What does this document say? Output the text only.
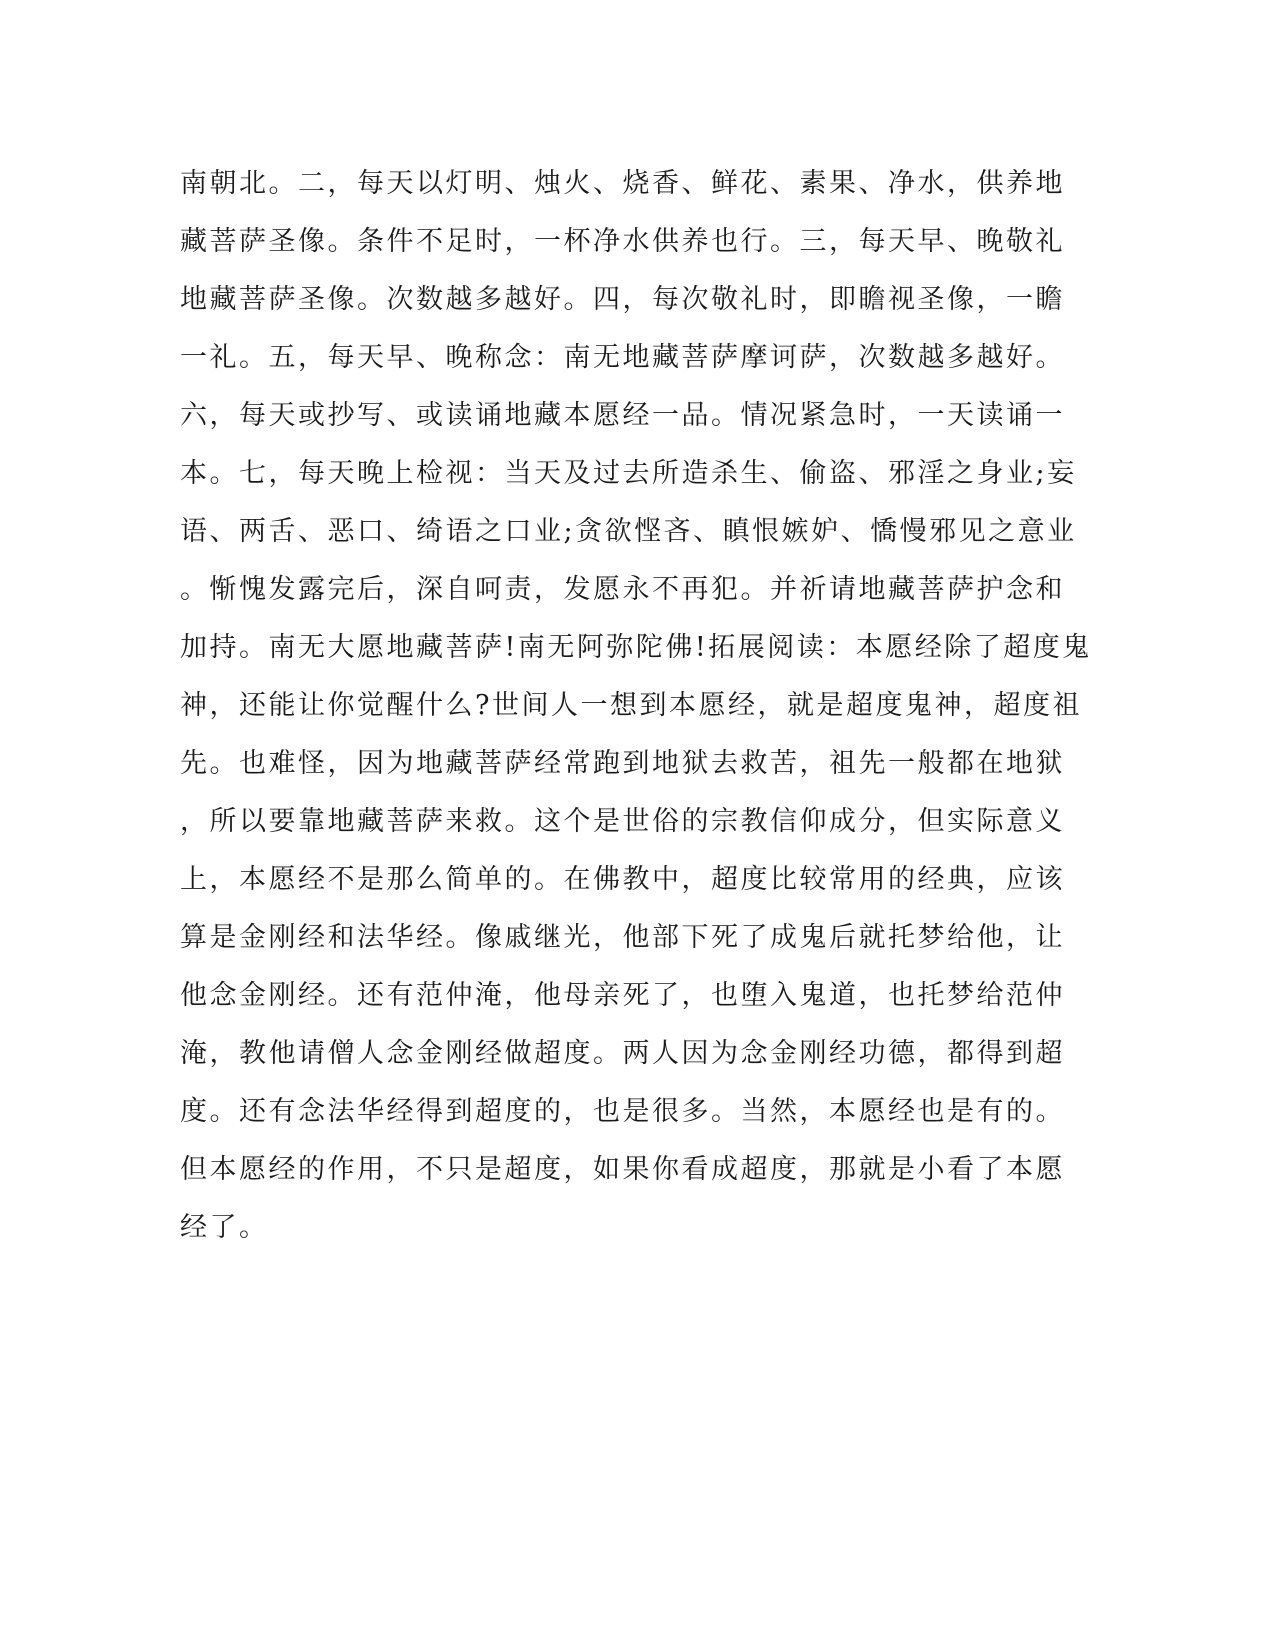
南朝北。二，每天以灯明、烛火、烧香、鲜花、素果、净水，供养地
藏菩萨圣像。条件不足时，一杯净水供养也行。三，每天早、晚敬礼
地藏菩萨圣像。次数越多越好。四，每次敬礼时，即瞻视圣像，一瞻
一礼。五，每天早、晚称念：南无地藏菩萨摩诃萨，次数越多越好。
六，每天或抄写、或读诵地藏本愿经一品。情况紧急时，一天读诵一
本。七，每天晚上检视：当天及过去所造杀生、偷盗、邪淫之身业;妄
语、两舌、恶口、绮语之口业;贪欲悭吝、瞋恨嫉妒、憍慢邪见之意业
。惭愧发露完后，深自呵责，发愿永不再犯。并祈请地藏菩萨护念和
加持。南无大愿地藏菩萨!南无阿弥陀佛!拓展阅读：本愿经除了超度鬼
神，还能让你觉醒什么?世间人一想到本愿经，就是超度鬼神，超度祖
先。也难怪，因为地藏菩萨经常跑到地狱去救苦，祖先一般都在地狱
，所以要靠地藏菩萨来救。这个是世俗的宗教信仰成分，但实际意义
上，本愿经不是那么简单的。在佛教中，超度比较常用的经典，应该
算是金刚经和法华经。像戚继光，他部下死了成鬼后就托梦给他，让
他念金刚经。还有范仲淹，他母亲死了，也堕入鬼道，也托梦给范仲
淹，教他请僧人念金刚经做超度。两人因为念金刚经功德，都得到超
度。还有念法华经得到超度的，也是很多。当然，本愿经也是有的。
但本愿经的作用，不只是超度，如果你看成超度，那就是小看了本愿
经了。
